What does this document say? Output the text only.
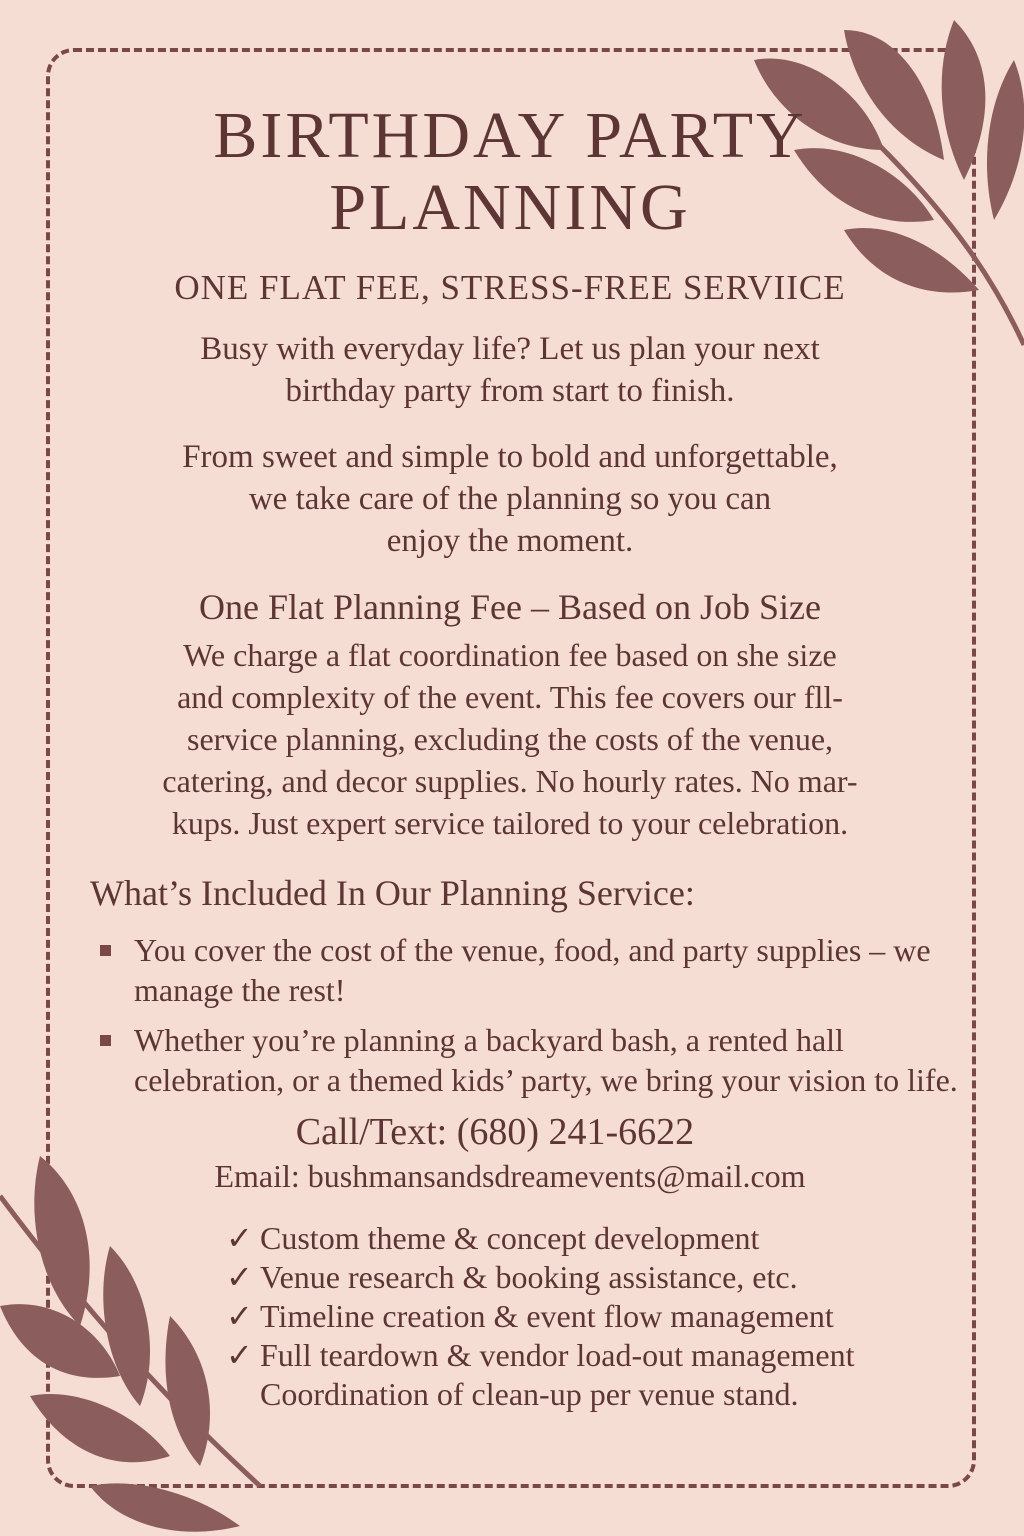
BIRTHDAY PARTY
PLANNING
ONE FLAT FEE, STRESS-FREE SERVIICE
Busy with everyday life? Let us plan your next
birthday party from start to finish.
From sweet and simple to bold and unforgettable,
we take care of the planning so you can
enjoy the moment.
One Flat Planning Fee – Based on Job Size
We charge a flat coordination fee based on she size
and complexity of the event. This fee covers our fll-
service planning, excluding the costs of the venue,
catering, and decor supplies. No hourly rates. No mar-
kups. Just expert service tailored to your celebration.
What’s Included In Our Planning Service:
You cover the cost of the venue, food, and party supplies – we manage the rest!
Whether you’re planning a backyard bash, a rented hall celebration, or a themed kids’ party, we bring your vision to life.
Call/Text: (680) 241-6622
Email: bushmansandsdreamevents@mail.com
✓ Custom theme & concept development
✓ Venue research & booking assistance, etc.
✓ Timeline creation & event flow management
✓ Full teardown & vendor load-out management
Coordination of clean-up per venue stand.
